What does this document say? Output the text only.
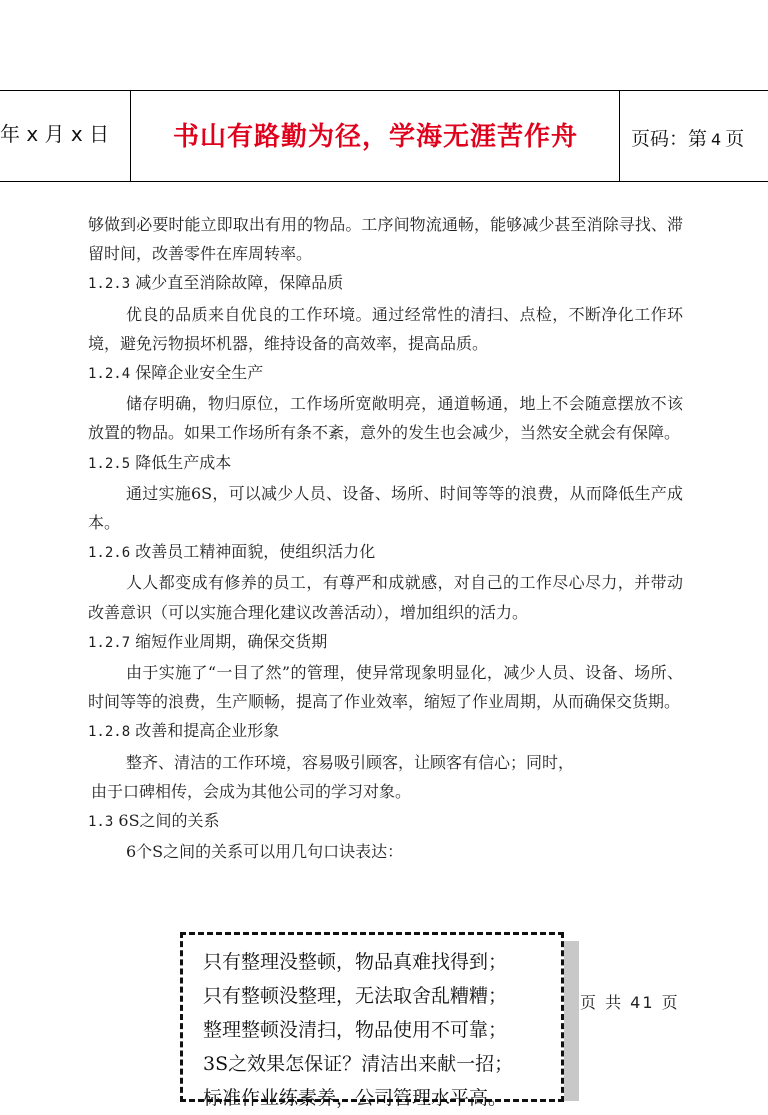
年 x 月 x 日	书山有路勤为径，学海无涯苦作舟	页码：第 4 页

够做到必要时能立即取出有用的物品。工序间物流通畅，能够减少甚至消除寻找、滞留时间，改善零件在库周转率。

1.2.3 减少直至消除故障，保障品质

优良的品质来自优良的工作环境。通过经常性的清扫、点检，不断净化工作环境，避免污物损坏机器，维持设备的高效率，提高品质。

1.2.4 保障企业安全生产

储存明确，物归原位，工作场所宽敞明亮，通道畅通，地上不会随意摆放不该放置的物品。如果工作场所有条不紊，意外的发生也会减少，当然安全就会有保障。

1.2.5 降低生产成本

通过实施6S，可以减少人员、设备、场所、时间等等的浪费，从而降低生产成本。

1.2.6 改善员工精神面貌，使组织活力化

人人都变成有修养的员工，有尊严和成就感，对自己的工作尽心尽力，并带动改善意识（可以实施合理化建议改善活动），增加组织的活力。

1.2.7 缩短作业周期，确保交货期

由于实施了“一目了然”的管理，使异常现象明显化，减少人员、设备、场所、时间等等的浪费，生产顺畅，提高了作业效率，缩短了作业周期，从而确保交货期。

1.2.8 改善和提高企业形象

整齐、清洁的工作环境，容易吸引顾客，让顾客有信心；同时，

由于口碑相传，会成为其他公司的学习对象。

1.3 6S之间的关系

6个S之间的关系可以用几句口诀表达：

只有整理没整顿，物品真难找得到；
只有整顿没整理，无法取舍乱糟糟；
整理整顿没清扫，物品使用不可靠；
3S之效果怎保证？清洁出来献一招；
标准作业练素养，公司管理水平高。
页 共 41 页
